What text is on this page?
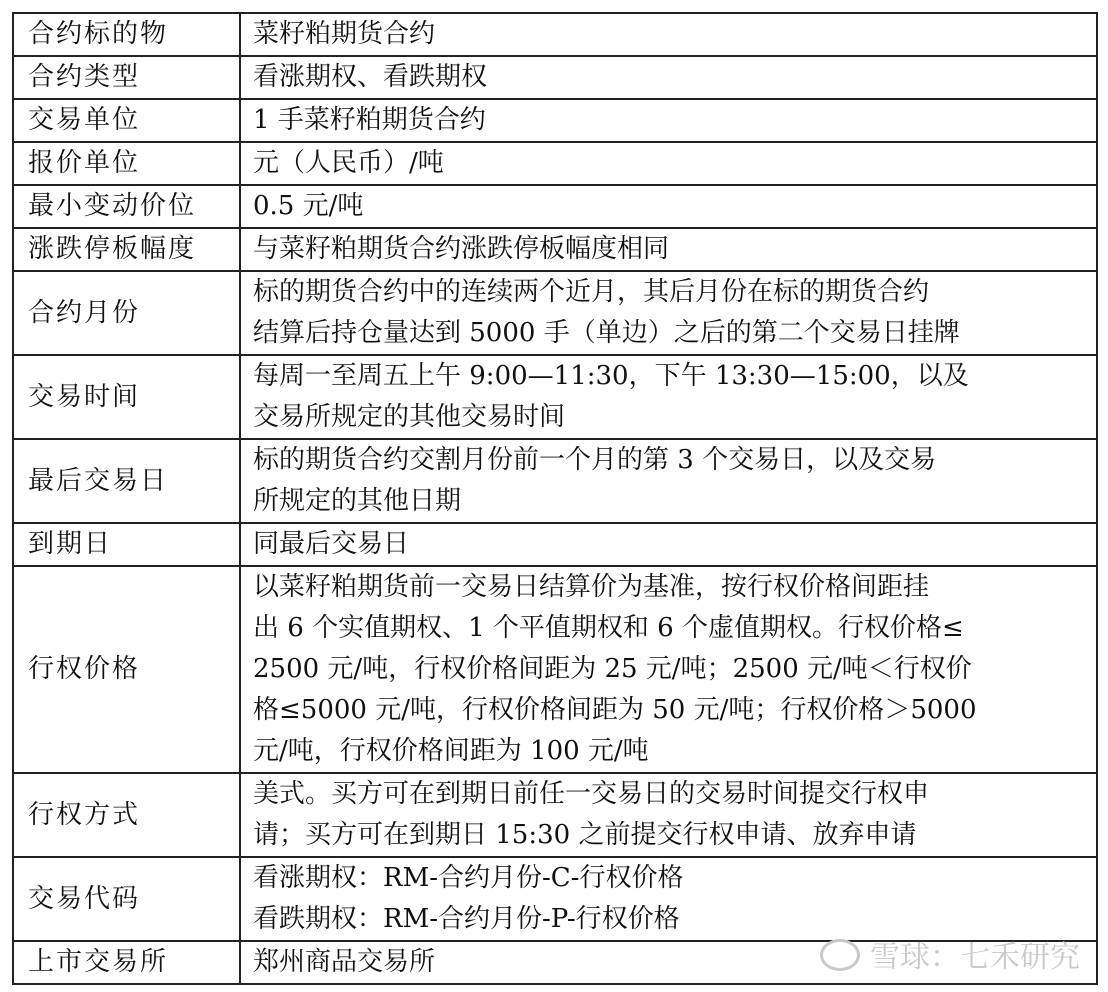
合约标的物	菜籽粕期货合约

合约类型	看涨期权、看跌期权

交易单位	1 手菜籽粕期货合约

报价单位	元（人民币）/吨

最小变动价位	0.5 元/吨

涨跌停板幅度	与菜籽粕期货合约涨跌停板幅度相同

合约月份	标的期货合约中的连续两个近月，其后月份在标的期货合约
结算后持仓量达到 5000 手（单边）之后的第二个交易日挂牌

交易时间	每周一至周五上午 9:00—11:30，下午 13:30—15:00，以及
交易所规定的其他交易时间

最后交易日	标的期货合约交割月份前一个月的第 3 个交易日，以及交易
所规定的其他日期

到期日	同最后交易日

行权价格	以菜籽粕期货前一交易日结算价为基准，按行权价格间距挂
出 6 个实值期权、1 个平值期权和 6 个虚值期权。行权价格≤
2500 元/吨，行权价格间距为 25 元/吨；2500 元/吨＜行权价
格≤5000 元/吨，行权价格间距为 50 元/吨；行权价格＞5000
元/吨，行权价格间距为 100 元/吨

行权方式	美式。买方可在到期日前任一交易日的交易时间提交行权申
请；买方可在到期日 15:30 之前提交行权申请、放弃申请

交易代码	看涨期权：RM-合约月份-C-行权价格
看跌期权：RM-合约月份-P-行权价格

上市交易所	郑州商品交易所	雪球：七禾研究
